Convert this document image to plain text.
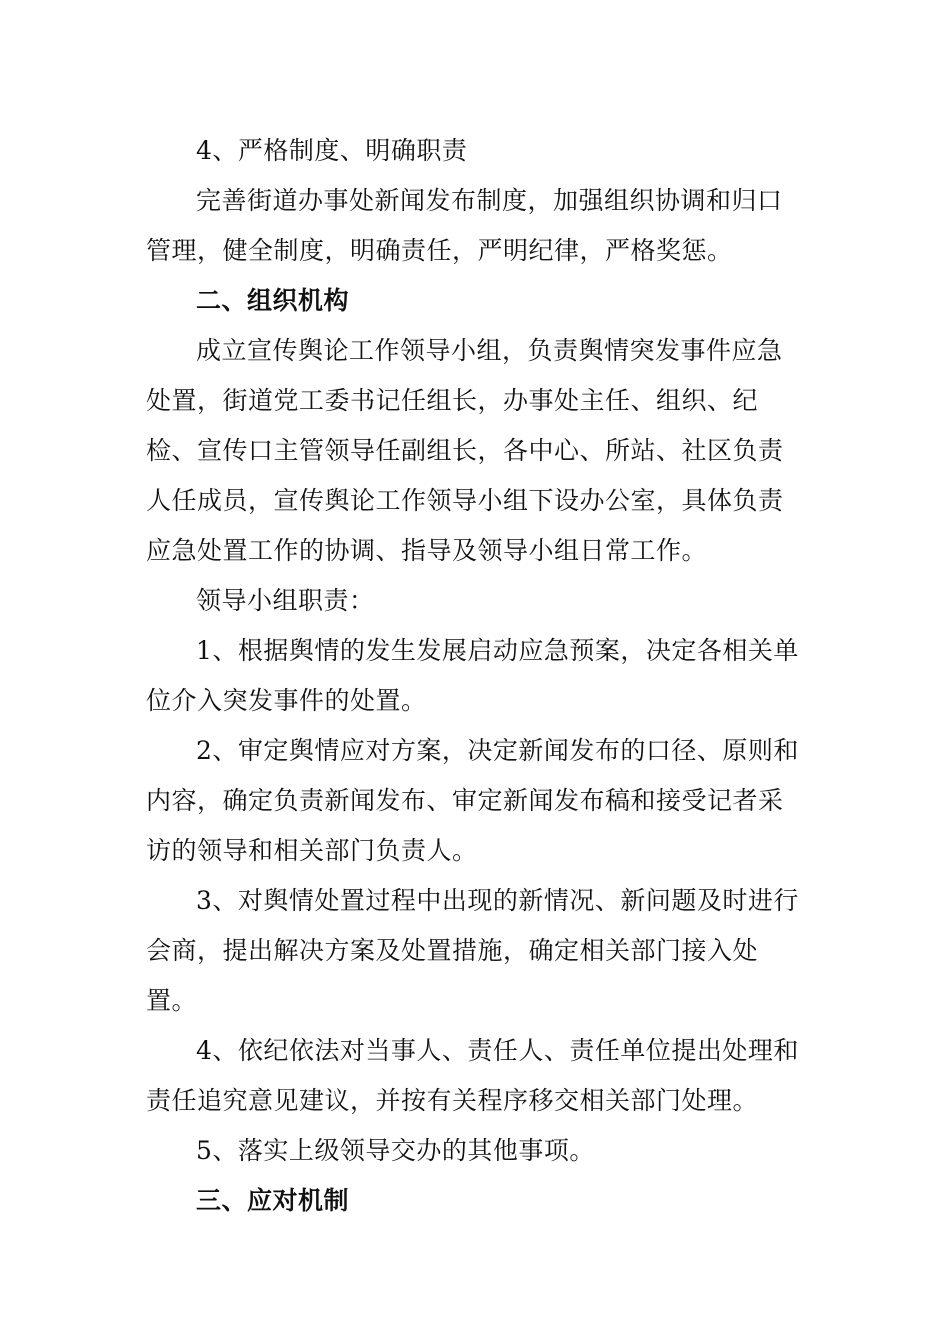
4、严格制度、明确职责
完善街道办事处新闻发布制度，加强组织协调和归口
管理，健全制度，明确责任，严明纪律，严格奖惩。
二、组织机构
成立宣传舆论工作领导小组，负责舆情突发事件应急
处置，街道党工委书记任组长，办事处主任、组织、纪
检、宣传口主管领导任副组长，各中心、所站、社区负责
人任成员，宣传舆论工作领导小组下设办公室，具体负责
应急处置工作的协调、指导及领导小组日常工作。
领导小组职责：
1、根据舆情的发生发展启动应急预案，决定各相关单
位介入突发事件的处置。
2、审定舆情应对方案，决定新闻发布的口径、原则和
内容，确定负责新闻发布、审定新闻发布稿和接受记者采
访的领导和相关部门负责人。
3、对舆情处置过程中出现的新情况、新问题及时进行
会商，提出解决方案及处置措施，确定相关部门接入处
置。
4、依纪依法对当事人、责任人、责任单位提出处理和
责任追究意见建议，并按有关程序移交相关部门处理。
5、落实上级领导交办的其他事项。
三、应对机制
